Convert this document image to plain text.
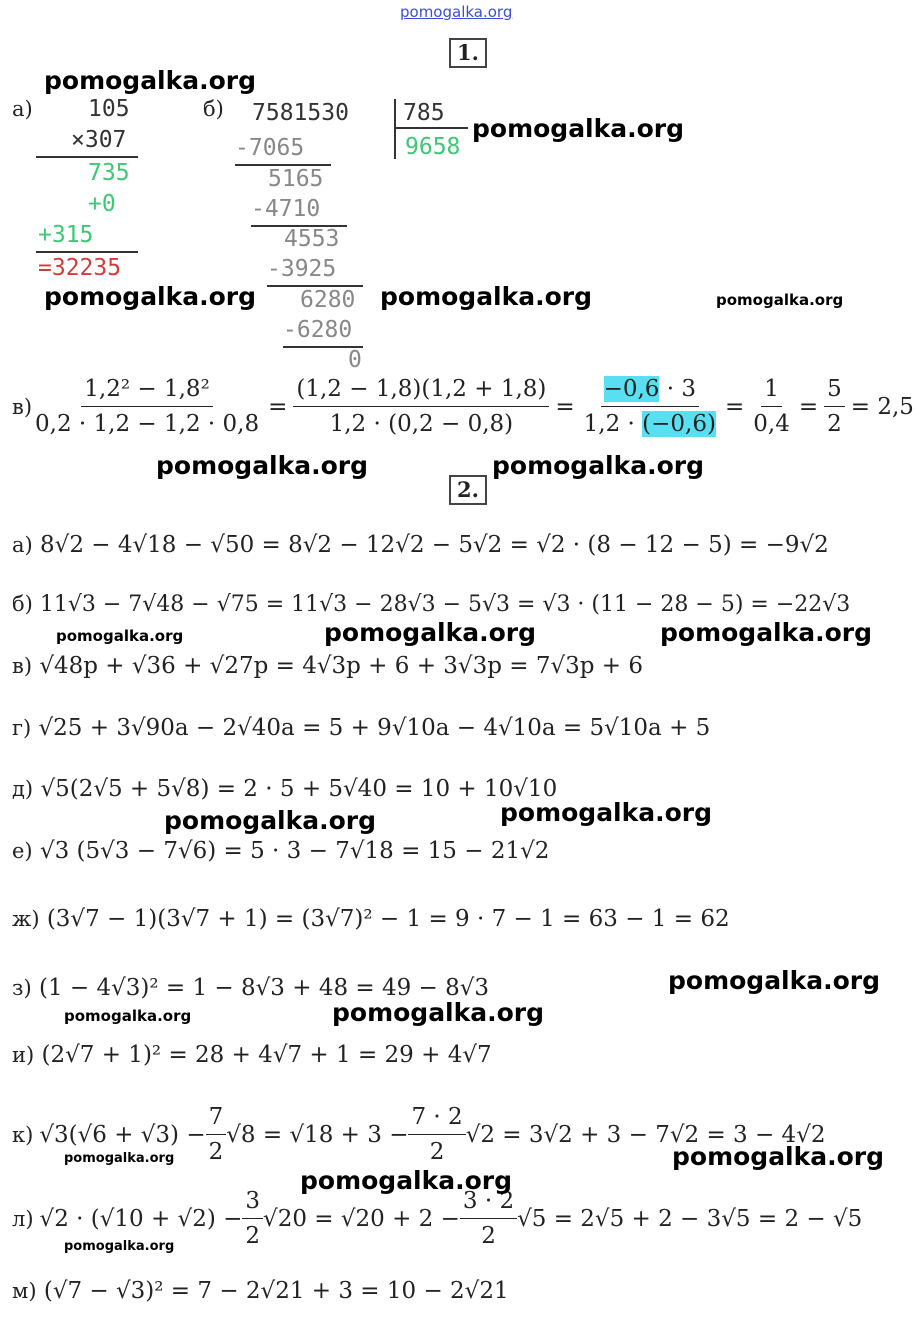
pomogalka.org
1.
а) 105
×307
735
+0
+315
=32235
б) 7581530 785
9658
-7065
5165
-4710
4553
-3925
6280
-6280
0
$в) \frac{\text{1,2² − 1,8²}}{0,2 \cdot 1,2 - 1,2 \cdot 0,8} = \frac{(1,2 - 1,8)(1,2 + 1,8)}{1,2 \cdot (0,2 - 0,8)} = \frac{-0,6 \cdot 3}{1,2 \cdot (-0,6)} = \frac{1}{0,4} = \frac{5}{2} = 2,5$
2.
а) 8√2 − 4√18 − √50 = 8√2 − 12√2 − 5√2 = √2 · (8 − 12 − 5) = −9√2
б) 11√3 − 7√48 − √75 = 11√3 − 28√3 − 5√3 = √3 · (11 − 28 − 5) = −22√3
в) √48p + √36 + √27p = 4√3p + 6 + 3√3p = 7√3p + 6
г) √25 + 3√90a − 2√40a = 5 + 9√10a − 4√10a = 5√10a + 5
д) √5(2√5 + 5√8) = 2 · 5 + 5√40 = 10 + 10√10
е) √3 (5√3 − 7√6) = 5 · 3 − 7√18 = 15 − 21√2
ж) (3√7 − 1)(3√7 + 1) = (3√7)² − 1 = 9 · 7 − 1 = 63 − 1 = 62
з) (1 − 4√3)² = 1 − 8√3 + 48 = 49 − 8√3
и) (2√7 + 1)² = 28 + 4√7 + 1 = 29 + 4√7
к) $√3(√6 + √3) - \frac{7}{2} √8 = √18 + 3 - \frac{7 \cdot 2}{2} √2 = 3√2 + 3 - 7√2 = 3 - 4√2$
л) $√2 \cdot (√10 + √2) - \frac{3}{2} √20 = √20 + 2 - \frac{3 \cdot 2}{2} √5 = 2√5 + 2 - 3√5 = 2 - √5$
м) (√7 − √3)² = 7 − 2√21 + 3 = 10 − 2√21
pomogalka.org
pomogalka.org
pomogalka.org	pomogalka.org	pomogalka.org
pomogalka.org	pomogalka.org
pomogalka.org	pomogalka.org	pomogalka.org
pomogalka.org
pomogalka.org
pomogalka.org
pomogalka.org	pomogalka.org
pomogalka.org	pomogalka.org
pomogalka.org
pomogalka.org
